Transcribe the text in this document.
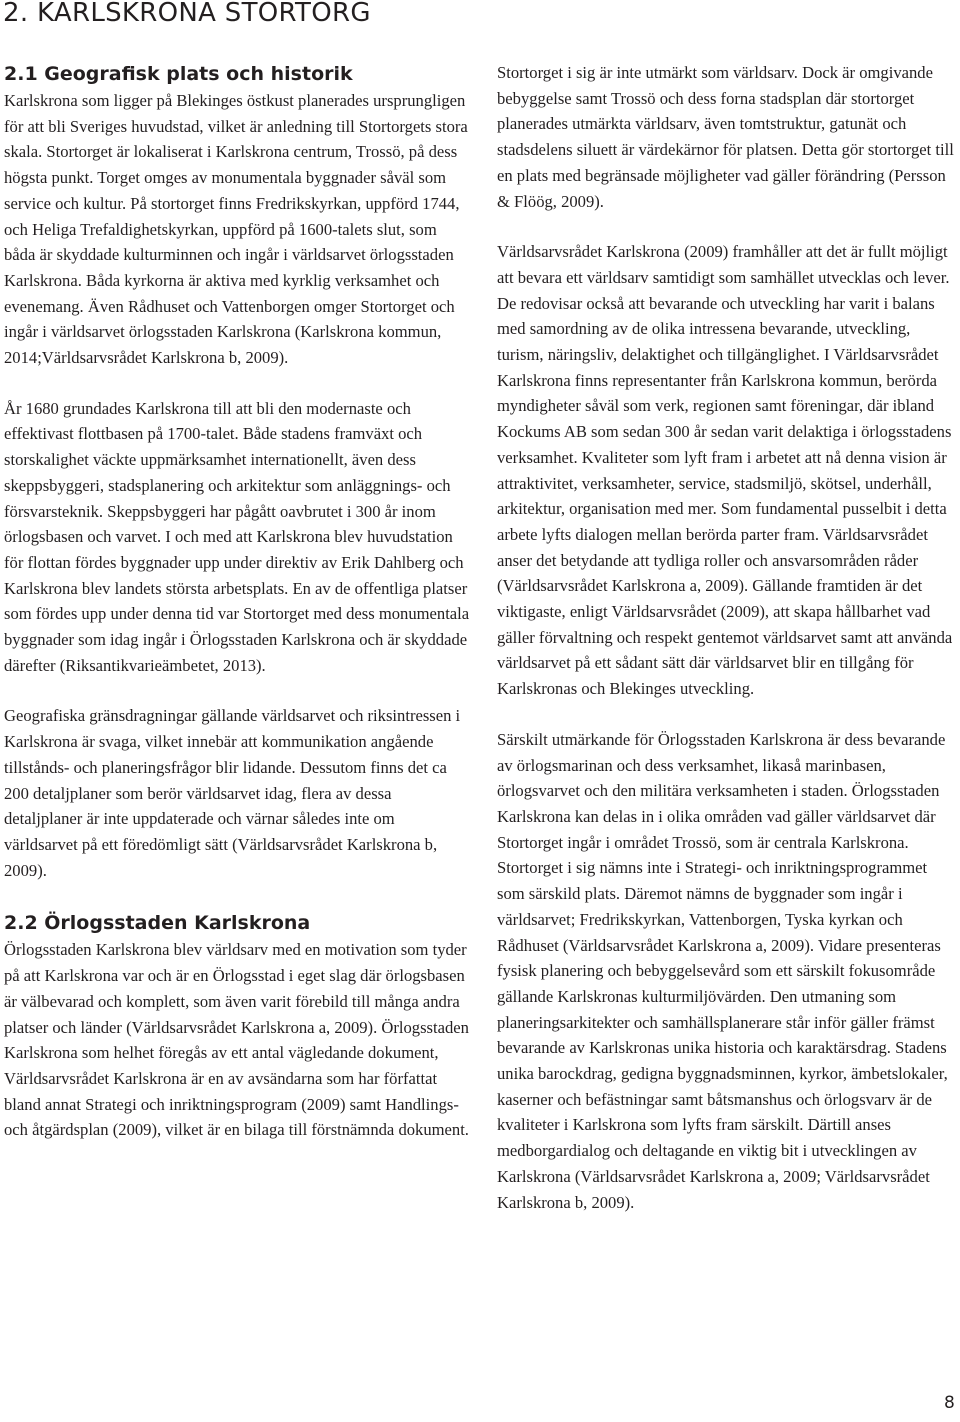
2. KARLSKRONA STORTORG
2.1 Geografisk plats och historik

Karlskrona som ligger på Blekinges östkust planerades ursprungligen för att bli Sveriges huvudstad, vilket är anledning till Stortorgets stora skala. Stortorget är lokaliserat i Karlskrona centrum, Trossö, på dess högsta punkt. Torget omges av monumentala byggnader såväl som service och kultur. På stortorget finns Fredrikskyrkan, uppförd 1744, och Heliga Trefaldighetskyrkan, uppförd på 1600-talets slut, som båda är skyddade kulturminnen och ingår i världsarvet örlogsstaden Karlskrona. Båda kyrkorna är aktiva med kyrklig verksamhet och evenemang. Även Rådhuset och Vattenborgen omger Stortorget och ingår i världsarvet örlogsstaden Karlskrona (Karlskrona kommun, 2014;Världsarvsrådet Karlskrona b, 2009).

År 1680 grundades Karlskrona till att bli den modernaste och effektivast flottbasen på 1700-talet. Både stadens framväxt och storskalighet väckte uppmärksamhet internationellt, även dess skeppsbyggeri, stadsplanering och arkitektur som anläggnings- och försvarsteknik. Skeppsbyggeri har pågått oavbrutet i 300 år inom örlogsbasen och varvet. I och med att Karlskrona blev huvudstation för flottan fördes byggnader upp under direktiv av Erik Dahlberg och Karlskrona blev landets största arbetsplats. En av de offentliga platser som fördes upp under denna tid var Stortorget med dess monumentala byggnader som idag ingår i Örlogsstaden Karlskrona och är skyddade därefter (Riksantikvarieämbetet, 2013).

Geografiska gränsdragningar gällande världsarvet och riksintressen i Karlskrona är svaga, vilket innebär att kommunikation angående tillstånds- och planeringsfrågor blir lidande. Dessutom finns det ca 200 detaljplaner som berör världsarvet idag, flera av dessa detaljplaner är inte uppdaterade och värnar således inte om världsarvet på ett föredömligt sätt (Världsarvsrådet Karlskrona b, 2009).

2.2 Örlogsstaden Karlskrona

Örlogsstaden Karlskrona blev världsarv med en motivation som tyder på att Karlskrona var och är en Örlogsstad i eget slag där örlogsbasen är välbevarad och komplett, som även varit förebild till många andra platser och länder (Världsarvsrådet Karlskrona a, 2009). Örlogsstaden Karlskrona som helhet föregås av ett antal vägledande dokument, Världsarvsrådet Karlskrona är en av avsändarna som har författat bland annat Strategi och inriktningsprogram (2009) samt Handlings- och åtgärdsplan (2009), vilket är en bilaga till förstnämnda dokument.

Stortorget i sig är inte utmärkt som världsarv. Dock är omgivande bebyggelse samt Trossö och dess forna stadsplan där stortorget planerades utmärkta världsarv, även tomtstruktur, gatunät och stadsdelens siluett är värdekärnor för platsen. Detta gör stortorget till en plats med begränsade möjligheter vad gäller förändring (Persson & Flöög, 2009).

Världsarvsrådet Karlskrona (2009) framhåller att det är fullt möjligt att bevara ett världsarv samtidigt som samhället utvecklas och lever. De redovisar också att bevarande och utveckling har varit i balans med samordning av de olika intressena bevarande, utveckling, turism, näringsliv, delaktighet och tillgänglighet. I Världsarvsrådet Karlskrona finns representanter från Karlskrona kommun, berörda myndigheter såväl som verk, regionen samt föreningar, där ibland Kockums AB som sedan 300 år sedan varit delaktiga i örlogsstadens verksamhet. Kvaliteter som lyft fram i arbetet att nå denna vision är attraktivitet, verksamheter, service, stadsmiljö, skötsel, underhåll, arkitektur, organisation med mer. Som fundamental pusselbit i detta arbete lyfts dialogen mellan berörda parter fram. Världsarvsrådet anser det betydande att tydliga roller och ansvarsområden råder (Världsarvsrådet Karlskrona a, 2009). Gällande framtiden är det viktigaste, enligt Världsarvsrådet (2009), att skapa hållbarhet vad gäller förvaltning och respekt gentemot världsarvet samt att använda världsarvet på ett sådant sätt där världsarvet blir en tillgång för Karlskronas och Blekinges utveckling.

Särskilt utmärkande för Örlogsstaden Karlskrona är dess bevarande av örlogsmarinan och dess verksamhet, likaså marinbasen, örlogsvarvet och den militära verksamheten i staden. Örlogsstaden Karlskrona kan delas in i olika områden vad gäller världsarvet där Stortorget ingår i området Trossö, som är centrala Karlskrona. Stortorget i sig nämns inte i Strategi- och inriktningsprogrammet som särskild plats. Däremot nämns de byggnader som ingår i världsarvet; Fredrikskyrkan, Vattenborgen, Tyska kyrkan och Rådhuset (Världsarvsrådet Karlskrona a, 2009). Vidare presenteras fysisk planering och bebyggelsevård som ett särskilt fokusområde gällande Karlskronas kulturmiljövärden. Den utmaning som planeringsarkitekter och samhällsplanerare står inför gäller främst bevarande av Karlskronas unika historia och karaktärsdrag. Stadens unika barockdrag, gedigna byggnadsminnen, kyrkor, ämbetslokaler, kaserner och befästningar samt båtsmanshus och örlogsvarv är de kvaliteter i Karlskrona som lyfts fram särskilt. Därtill anses medborgardialog och deltagande en viktig bit i utvecklingen av Karlskrona (Världsarvsrådet Karlskrona a, 2009; Världsarvsrådet Karlskrona b, 2009).

8
